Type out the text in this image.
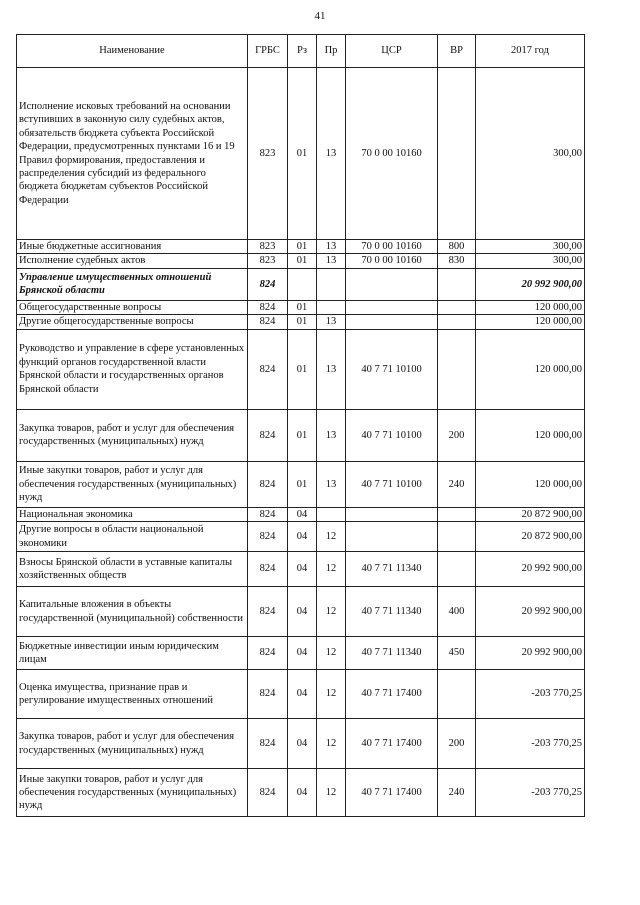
41
Наименование	ГРБС	Рз	Пр	ЦСР	ВР	2017 год
Исполнение исковых требований на основании вступивших в законную силу судебных актов, обязательств бюджета субъекта Российской Федерации, предусмотренных пунктами 16 и 19 Правил формирования, предоставления и распределения субсидий из федерального бюджета бюджетам субъектов Российской Федерации	823	01	13	70 0 00 10160		300,00
Иные бюджетные ассигнования	823	01	13	70 0 00 10160	800	300,00
Исполнение судебных актов	823	01	13	70 0 00 10160	830	300,00
Управление имущественных отношений Брянской области	824					20 992 900,00
Общегосударственные вопросы	824	01				120 000,00
Другие общегосударственные вопросы	824	01	13			120 000,00
Руководство и управление в сфере установленных функций органов государственной власти Брянской области и государственных органов Брянской области	824	01	13	40 7 71 10100		120 000,00
Закупка товаров, работ и услуг для обеспечения государственных (муниципальных) нужд	824	01	13	40 7 71 10100	200	120 000,00
Иные закупки товаров, работ и услуг для обеспечения государственных (муниципальных) нужд	824	01	13	40 7 71 10100	240	120 000,00
Национальная экономика	824	04				20 872 900,00
Другие вопросы в области национальной экономики	824	04	12			20 872 900,00
Взносы Брянской области в уставные капиталы хозяйственных обществ	824	04	12	40 7 71 11340		20 992 900,00
Капитальные вложения в объекты государственной (муниципальной) собственности	824	04	12	40 7 71 11340	400	20 992 900,00
Бюджетные инвестиции иным юридическим лицам	824	04	12	40 7 71 11340	450	20 992 900,00
Оценка имущества, признание прав и регулирование имущественных отношений	824	04	12	40 7 71 17400		-203 770,25
Закупка товаров, работ и услуг для обеспечения государственных (муниципальных) нужд	824	04	12	40 7 71 17400	200	-203 770,25
Иные закупки товаров, работ и услуг для обеспечения государственных (муниципальных) нужд	824	04	12	40 7 71 17400	240	-203 770,25
